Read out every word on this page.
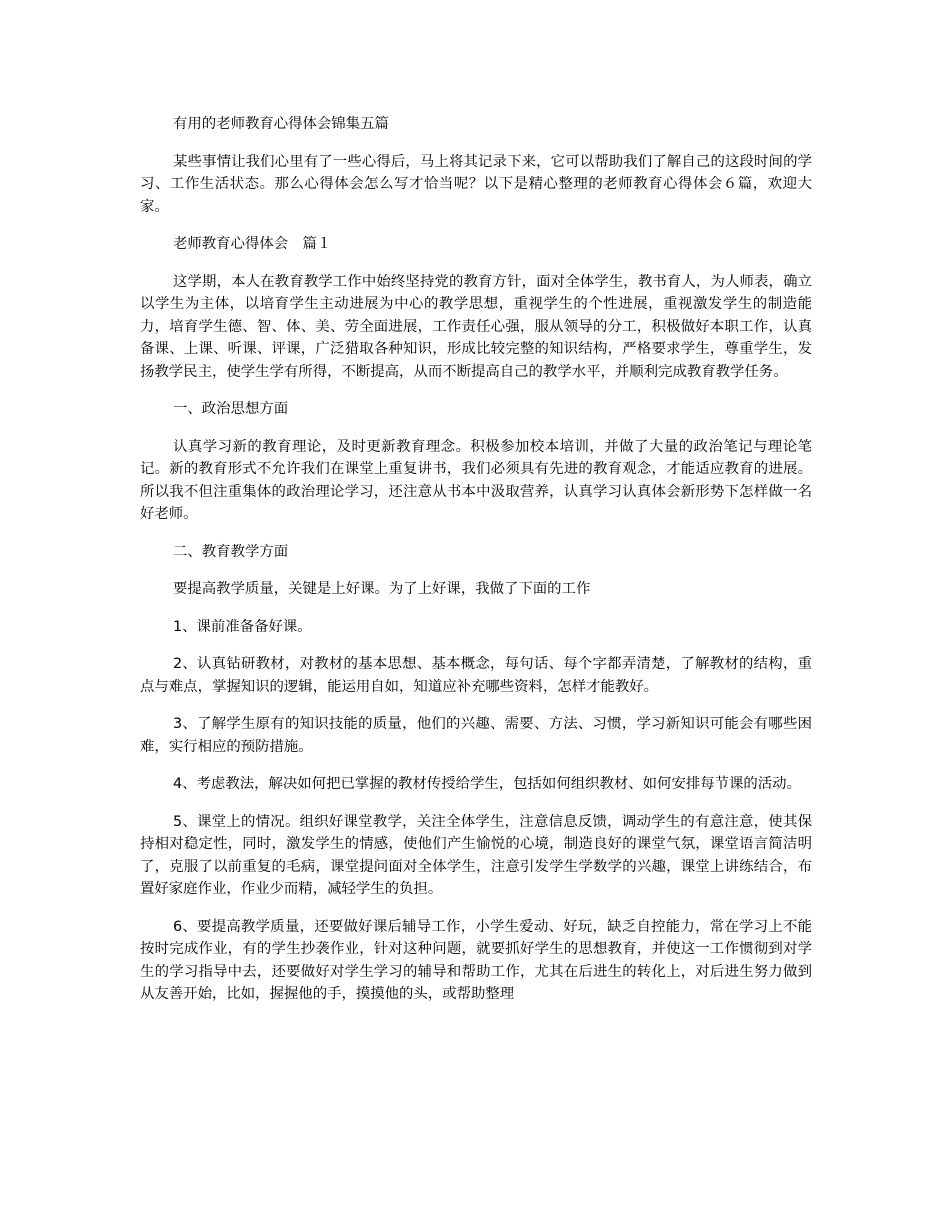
有用的老师教育心得体会锦集五篇

某些事情让我们心里有了一些心得后，马上将其记录下来，它可以帮助我们了解自己的这段时间的学习、工作生活状态。那么心得体会怎么写才恰当呢？以下是精心整理的老师教育心得体会６篇，欢迎大家。

老师教育心得体会　篇１

这学期，本人在教育教学工作中始终坚持党的教育方针，面对全体学生，教书育人，为人师表，确立以学生为主体，以培育学生主动进展为中心的教学思想，重视学生的个性进展，重视激发学生的制造能力，培育学生德、智、体、美、劳全面进展，工作责任心强，服从领导的分工，积极做好本职工作，认真备课、上课、听课、评课，广泛猎取各种知识，形成比较完整的知识结构，严格要求学生，尊重学生，发扬教学民主，使学生学有所得，不断提高，从而不断提高自己的教学水平，并顺利完成教育教学任务。

一、政治思想方面

认真学习新的教育理论，及时更新教育理念。积极参加校本培训，并做了大量的政治笔记与理论笔记。新的教育形式不允许我们在课堂上重复讲书，我们必须具有先进的教育观念，才能适应教育的进展。所以我不但注重集体的政治理论学习，还注意从书本中汲取营养，认真学习认真体会新形势下怎样做一名好老师。

二、教育教学方面

要提高教学质量，关键是上好课。为了上好课，我做了下面的工作

1、课前准备备好课。

2、认真钻研教材，对教材的基本思想、基本概念，每句话、每个字都弄清楚，了解教材的结构，重点与难点，掌握知识的逻辑，能运用自如，知道应补充哪些资料，怎样才能教好。

3、了解学生原有的知识技能的质量，他们的兴趣、需要、方法、习惯，学习新知识可能会有哪些困难，实行相应的预防措施。

4、考虑教法，解决如何把已掌握的教材传授给学生，包括如何组织教材、如何安排每节课的活动。

5、课堂上的情况。组织好课堂教学，关注全体学生，注意信息反馈，调动学生的有意注意，使其保持相对稳定性，同时，激发学生的情感，使他们产生愉悦的心境，制造良好的课堂气氛，课堂语言简洁明了，克服了以前重复的毛病，课堂提问面对全体学生，注意引发学生学数学的兴趣，课堂上讲练结合，布置好家庭作业，作业少而精，减轻学生的负担。

6、要提高教学质量，还要做好课后辅导工作，小学生爱动、好玩，缺乏自控能力，常在学习上不能按时完成作业，有的学生抄袭作业，针对这种问题，就要抓好学生的思想教育，并使这一工作惯彻到对学生的学习指导中去，还要做好对学生学习的辅导和帮助工作，尤其在后进生的转化上，对后进生努力做到从友善开始，比如，握握他的手，摸摸他的头，或帮助整理
